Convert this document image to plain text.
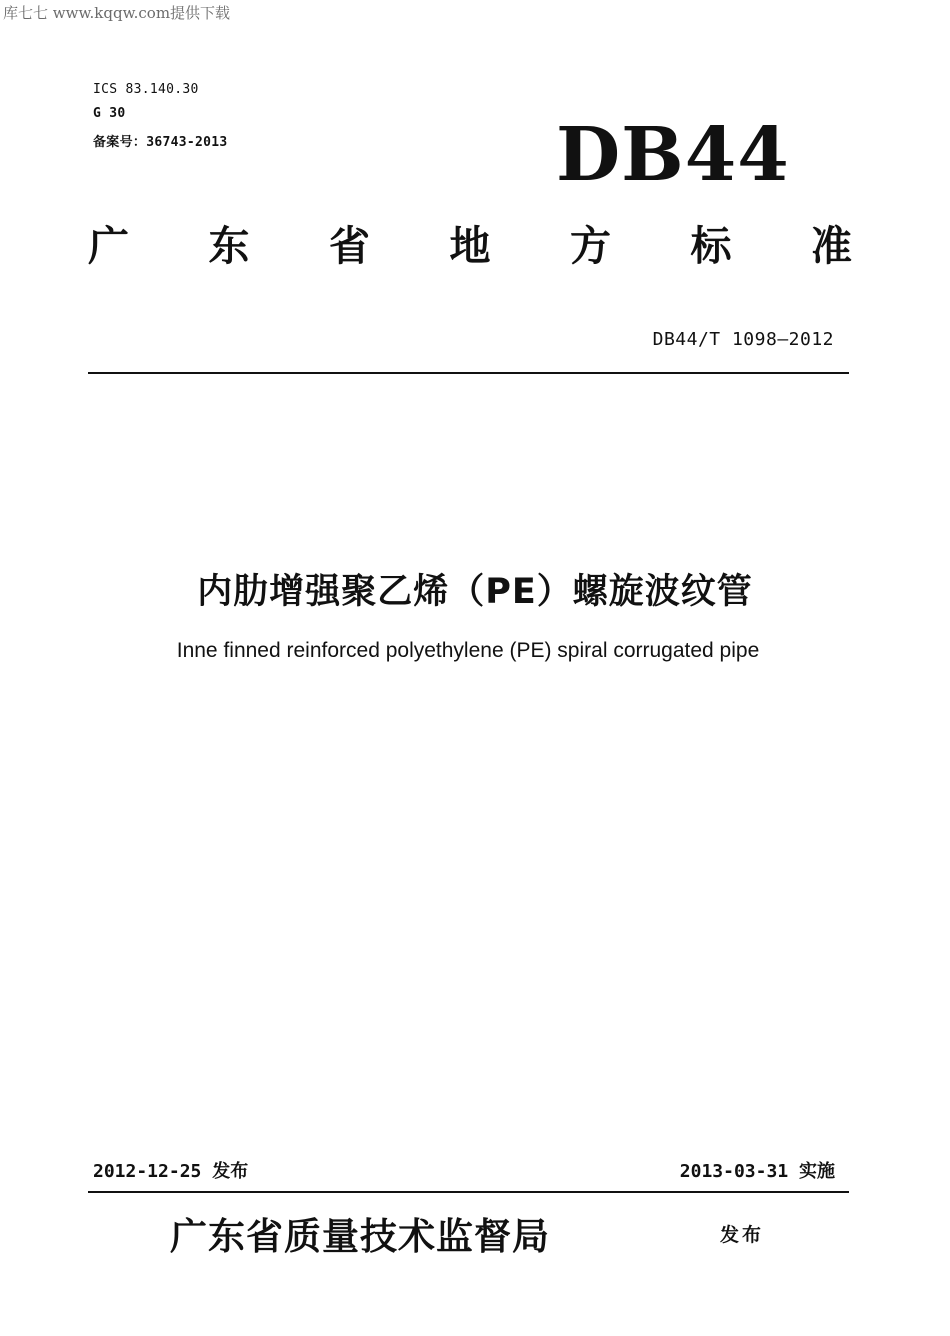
库七七 www.kqqw.com提供下载
ICS 83.140.30
G 30
备案号：36743-2013	DB44
广 东 省 地 方 标 准
DB44/T 1098—2012
内肋增强聚乙烯（PE）螺旋波纹管
Inne finned reinforced polyethylene (PE) spiral corrugated pipe
2012-12-25 发布	2013-03-31 实施
广东省质量技术监督局	发布
